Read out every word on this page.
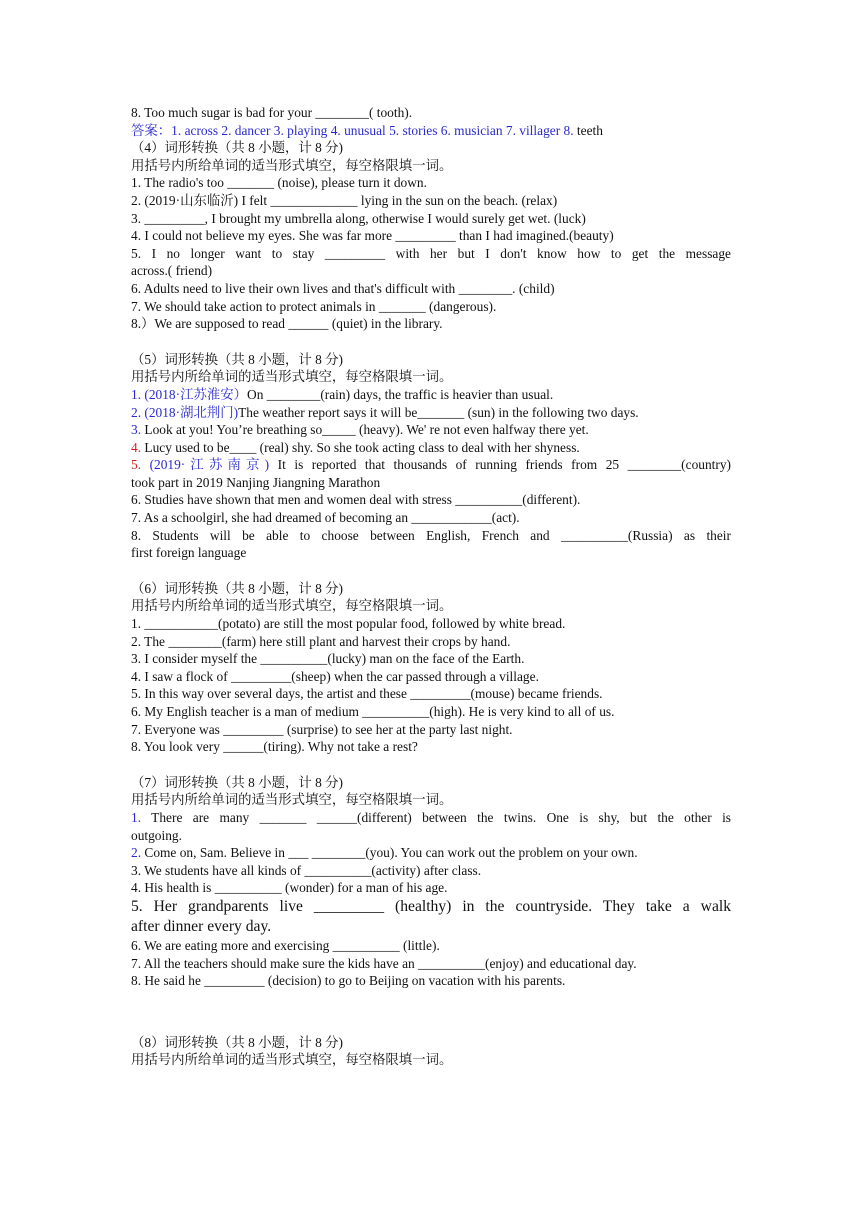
8. Too much sugar is bad for your ________( tooth).
答案：1. across 2. dancer 3. playing 4. unusual 5. stories 6. musician 7. villager 8. teeth
（4）词形转换（共 8 小题，计 8 分)
用括号内所给单词的适当形式填空，每空格限填一词。
1. The radio's too _______ (noise), please turn it down.
2. (2019·山东临沂) I felt _____________ lying in the sun on the beach. (relax)
3. _________, I brought my umbrella along, otherwise I would surely get wet. (luck)
4. I could not believe my eyes. She was far more _________ than I had imagined.(beauty)
5. I no longer want to stay _________ with her but I don't know how to get the message
across.( friend)
6. Adults need to live their own lives and that's difficult with ________. (child)
7. We should take action to protect animals in _______ (dangerous).
8.）We are supposed to read ______ (quiet) in the library.
（5）词形转换（共 8 小题，计 8 分)
用括号内所给单词的适当形式填空，每空格限填一词。
1. (2018·江苏淮安）On ________(rain) days, the traffic is heavier than usual.
2. (2018·湖北荆门)The weather report says it will be_______ (sun) in the following two days.
3. Look at you! You’re breathing so_____ (heavy). We' re not even halfway there yet.
4. Lucy used to be____ (real) shy. So she took acting class to deal with her shyness.
5. (2019·江苏南京) It is reported that thousands of running friends from 25 ________(country)
took part in 2019 Nanjing Jiangning Marathon
6. Studies have shown that men and women deal with stress __________(different).
7. As a schoolgirl, she had dreamed of becoming an ____________(act).
8. Students will be able to choose between English, French and __________(Russia) as their
first foreign language
（6）词形转换（共 8 小题，计 8 分)
用括号内所给单词的适当形式填空，每空格限填一词。
1. ___________(potato) are still the most popular food, followed by white bread.
2. The ________(farm) here still plant and harvest their crops by hand.
3. I consider myself the __________(lucky) man on the face of the Earth.
4. I saw a flock of _________(sheep) when the car passed through a village.
5. In this way over several days, the artist and these _________(mouse) became friends.
6. My English teacher is a man of medium __________(high). He is very kind to all of us.
7. Everyone was _________ (surprise) to see her at the party last night.
8. You look very ______(tiring). Why not take a rest?
（7）词形转换（共 8 小题，计 8 分)
用括号内所给单词的适当形式填空，每空格限填一词。
1. There are many _______ ______(different) between the twins. One is shy, but the other is
outgoing.
2. Come on, Sam. Believe in ___ ________(you). You can work out the problem on your own.
3. We students have all kinds of __________(activity) after class.
4. His health is __________ (wonder) for a man of his age.
5. Her grandparents live _________ (healthy) in the countryside. They take a walk
after dinner every day.
6. We are eating more and exercising __________ (little).
7. All the teachers should make sure the kids have an __________(enjoy) and educational day.
8. He said he _________ (decision) to go to Beijing on vacation with his parents.
（8）词形转换（共 8 小题，计 8 分)
用括号内所给单词的适当形式填空，每空格限填一词。
